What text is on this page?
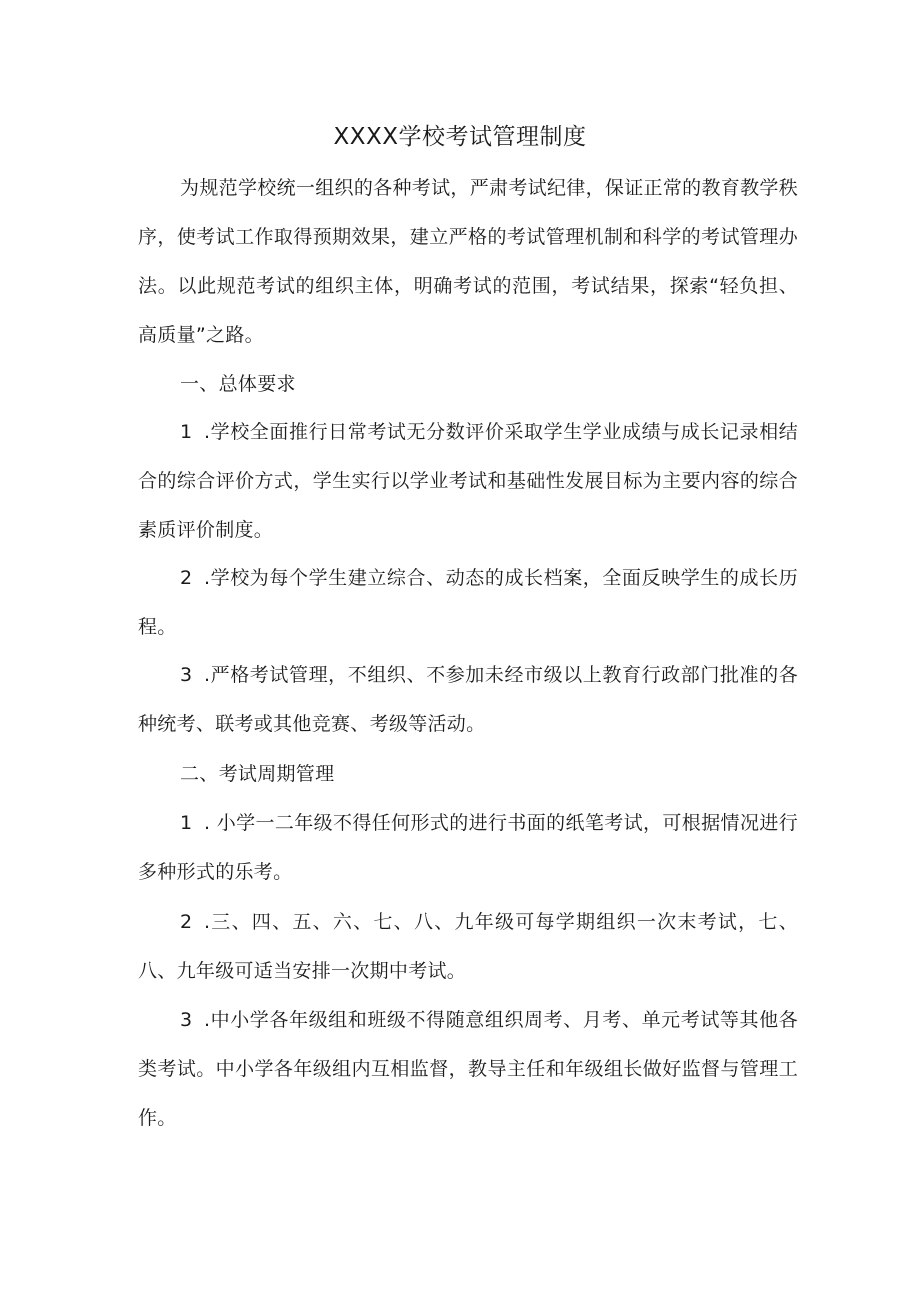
XXXX学校考试管理制度

为规范学校统一组织的各种考试，严肃考试纪律，保证正常的教育教学秩序，使考试工作取得预期效果，建立严格的考试管理机制和科学的考试管理办法。以此规范考试的组织主体，明确考试的范围，考试结果，探索“轻负担、高质量”之路。

一、总体要求

1 .学校全面推行日常考试无分数评价采取学生学业成绩与成长记录相结合的综合评价方式，学生实行以学业考试和基础性发展目标为主要内容的综合素质评价制度。

2 .学校为每个学生建立综合、动态的成长档案，全面反映学生的成长历程。

3 .严格考试管理，不组织、不参加未经市级以上教育行政部门批准的各种统考、联考或其他竞赛、考级等活动。

二、考试周期管理

1 . 小学一二年级不得任何形式的进行书面的纸笔考试，可根据情况进行多种形式的乐考。

2 .三、四、五、六、七、八、九年级可每学期组织一次末考试，七、八、九年级可适当安排一次期中考试。

3 .中小学各年级组和班级不得随意组织周考、月考、单元考试等其他各类考试。中小学各年级组内互相监督，教导主任和年级组长做好监督与管理工作。
